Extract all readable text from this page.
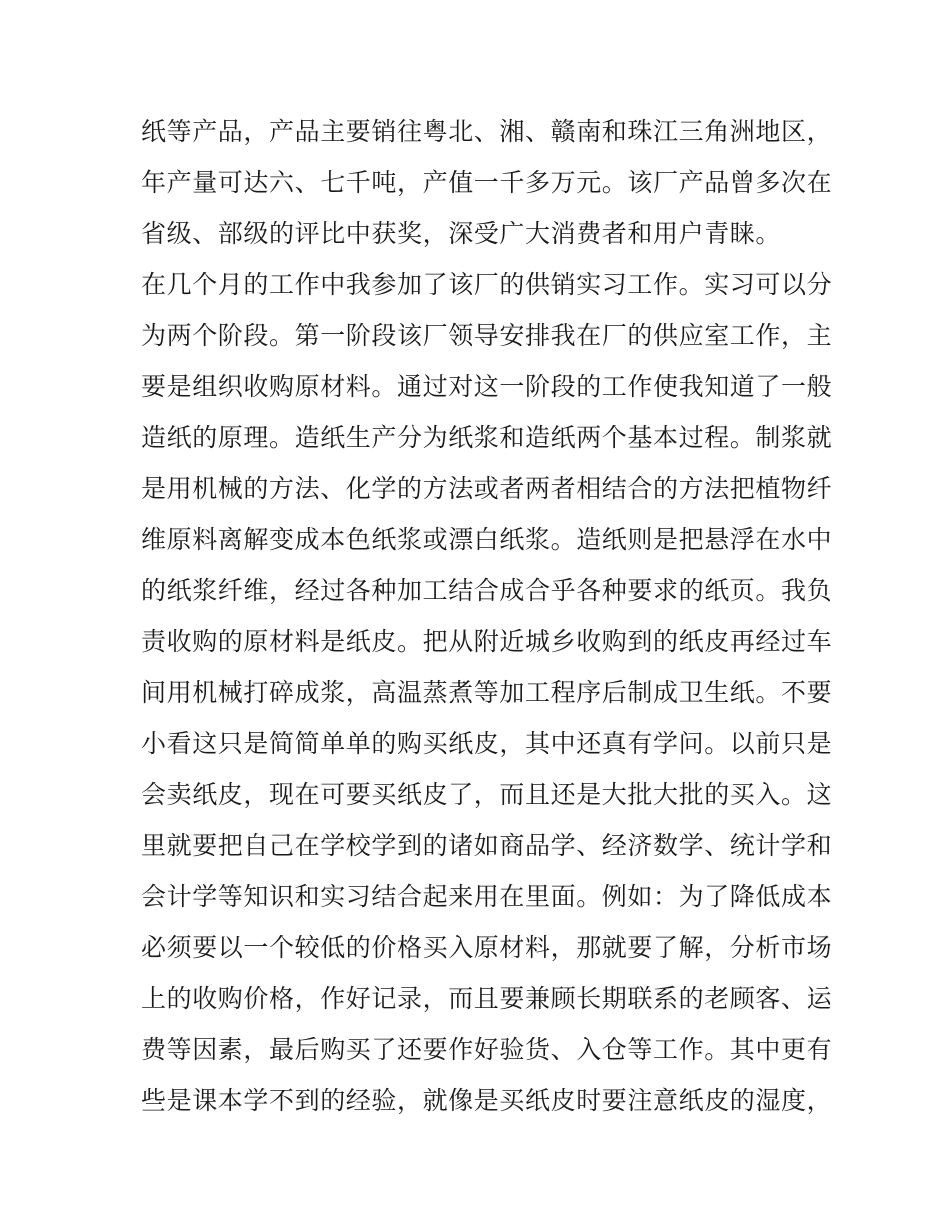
纸等产品，产品主要销往粤北、湘、赣南和珠江三角洲地区，
年产量可达六、七千吨，产值一千多万元。该厂产品曾多次在
省级、部级的评比中获奖，深受广大消费者和用户青睐。
在几个月的工作中我参加了该厂的供销实习工作。实习可以分
为两个阶段。第一阶段该厂领导安排我在厂的供应室工作，主
要是组织收购原材料。通过对这一阶段的工作使我知道了一般
造纸的原理。造纸生产分为纸浆和造纸两个基本过程。制浆就
是用机械的方法、化学的方法或者两者相结合的方法把植物纤
维原料离解变成本色纸浆或漂白纸浆。造纸则是把悬浮在水中
的纸浆纤维，经过各种加工结合成合乎各种要求的纸页。我负
责收购的原材料是纸皮。把从附近城乡收购到的纸皮再经过车
间用机械打碎成浆，高温蒸煮等加工程序后制成卫生纸。不要
小看这只是简简单单的购买纸皮，其中还真有学问。以前只是
会卖纸皮，现在可要买纸皮了，而且还是大批大批的买入。这
里就要把自己在学校学到的诸如商品学、经济数学、统计学和
会计学等知识和实习结合起来用在里面。例如：为了降低成本
必须要以一个较低的价格买入原材料，那就要了解，分析市场
上的收购价格，作好记录，而且要兼顾长期联系的老顾客、运
费等因素，最后购买了还要作好验货、入仓等工作。其中更有
些是课本学不到的经验，就像是买纸皮时要注意纸皮的湿度，
